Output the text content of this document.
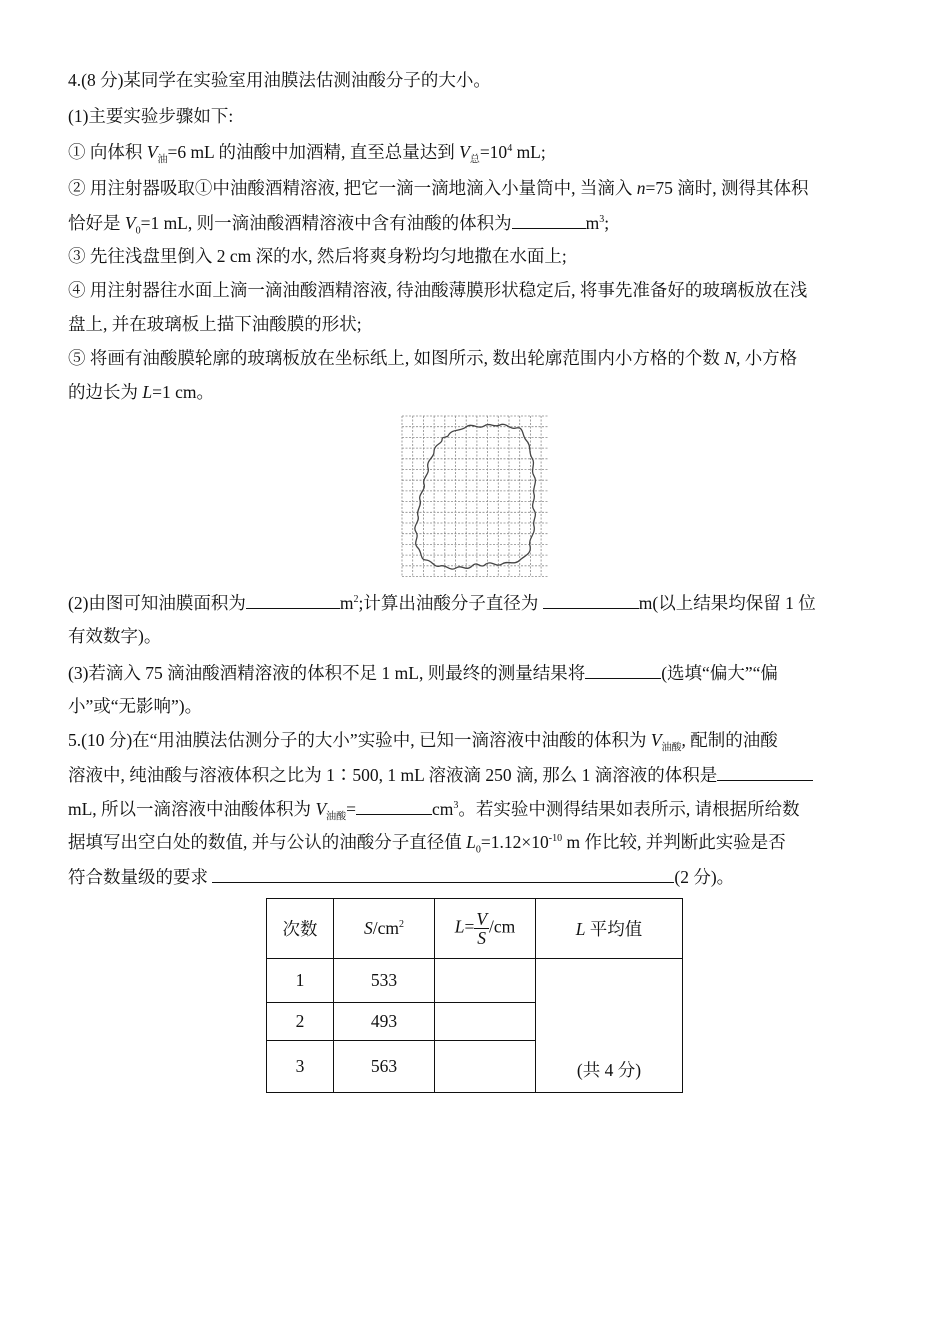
4.(8 分)某同学在实验室用油膜法估测油酸分子的大小。
(1)主要实验步骤如下:
① 向体积 $V_油=6$ mL 的油酸中加酒精, 直至总量达到 $V_总=10^4$ mL;
② 用注射器吸取①中油酸酒精溶液, 把它一滴一滴地滴入小量筒中, 当滴入 n=75 滴时, 测得其体积
恰好是 $V_0=1$ mL, 则一滴油酸酒精溶液中含有油酸的体积为	$m^3$;
③ 先往浅盘里倒入 2 cm 深的水, 然后将爽身粉均匀地撒在水面上;
④ 用注射器往水面上滴一滴油酸酒精溶液, 待油酸薄膜形状稳定后, 将事先准备好的玻璃板放在浅
盘上, 并在玻璃板上描下油酸膜的形状;
⑤ 将画有油酸膜轮廓的玻璃板放在坐标纸上, 如图所示, 数出轮廓范围内小方格的个数 N, 小方格
的边长为 L=1 cm。
(2)由图可知油膜面积为	$m^2$;计算出油酸分子直径为	m(以上结果均保留 1 位
有效数字)。
(3)若滴入 75 滴油酸酒精溶液的体积不足 1 mL, 则最终的测量结果将	(选填“偏大”“偏
小”或“无影响”)。
5.(10 分)在“用油膜法估测分子的大小”实验中, 已知一滴溶液中油酸的体积为 $V_{油酸}$, 配制的油酸
溶液中, 纯油酸与溶液体积之比为 1∶500, 1 mL 溶液滴 250 滴, 那么 1 滴溶液的体积是
mL, 所以一滴溶液中油酸体积为 $V_{油酸}=$	$cm^3$。若实验中测得结果如表所示, 请根据所给数
据填写出空白处的数值, 并与公认的油酸分子直径值 $L_0=1.12\times 10^{-10}$ m 作比较, 并判断此实验是否
符合数量级的要求	(2 分)。
次数	$S/cm^2$	$L= \frac{V}{S} /cm$	L 平均值
1	533		(共 4 分)
2	493		
3	563		
